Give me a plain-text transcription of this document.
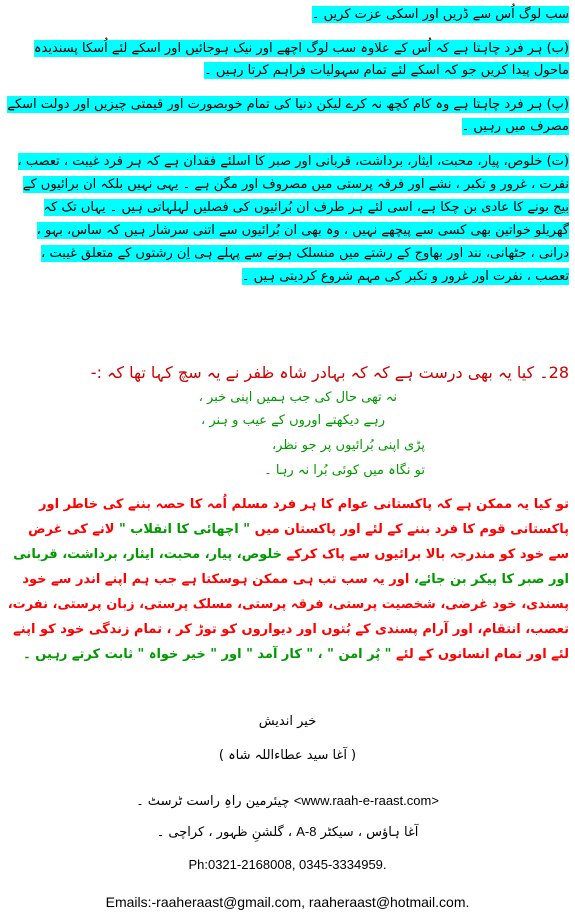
سب لوگ اُس سے ڈریں اور اسکی عزت کریں ۔

(ب) ہر فرد چاہتا ہے کہ اُس کے علاوہ سب لوگ اچھے اور نیک ہوجائیں اور اسکے لئے اُسکا پسندیدہ ماحول پیدا کریں جو کہ اسکے لئے تمام سہولیات فراہم کرتا رہیں ۔

(پ) ہر فرد چاہتا ہے وہ کام کچھ نہ کرے لیکن دنیا کی تمام خوبصورت اور قیمتی چیزیں اور دولت اسکے مصرف میں رہیں ۔

(ت) خلوص، پیار، محبت، ایثار، برداشت، قربانی اور صبر کا اسلئے فقدان ہے کہ ہر فرد غیبت ، تعصب ، نفرت ، غرور و تکبر ، نشے اور فرقہ پرستی میں مصروف اور مگن ہے ۔ یہی نہیں بلکہ ان برائیوں کے بیج بونے کا عادی بن چکا ہے، اسی لئے ہر طرف ان بُرائیوں کی فصلیں لہلہاتی ہیں ۔ یہاں تک کہ گھریلو خواتین بھی کسی سے پیچھے نہیں ، وہ بھی ان بُرائیوں سے اتنی سرشار ہیں کہ ساس، بہو ، درانی ، جٹھانی، نند اور بھاوج کے رشتے میں منسلک ہونے سے پہلے ہی اِن رشتوں کے متعلق غیبت ، تعصب ، نفرت اور غرور و تکبر کی مہم شروع کردیتی ہیں ۔

28۔ کیا یہ بھی درست ہے کہ کہ بہادر شاہ ظفر نے یہ سچ کہا تھا کہ :-

نہ تھی حال کی جب ہمیں اپنی خبر ،
رہے دیکھتے اوروں کے عیب و ہنر ،
پڑی اپنی بُرائیوں پر جو نظر،
تو نگاہ میں کوئی بُرا نہ رہا ۔

تو کیا یہ ممکن ہے کہ پاکستانی عوام کا ہر فرد مسلم اُمہ کا حصہ بننے کی خاطر اور پاکستانی قوم کا فرد بننے کے لئے اور پاکستان میں " اچھائی کا انقلاب " لانے کی غرض سے خود کو مندرجہ بالا برائیوں سے پاک کرکے خلوص، پیار، محبت، ایثار، برداشت، قربانی اور صبر کا پیکر بن جائے، اور یہ سب تب ہی ممکن ہوسکتا ہے جب ہم اپنے اندر سے خود پسندی، خود غرضی، شخصیت پرستی، فرقہ پرستی، مسلک پرستی، زبان پرستی، نفرت، تعصب، انتقام، اور آرام پسندی کے بُتوں اور دیواروں کو توڑ کر ، تمام زندگی خود کو اپنے لئے اور تمام انسانوں کے لئے " پُر امن " ، " کار آمد " اور " خیر خواہ " ثابت کرتے رہیں ۔

خیر اندیش
( آغا سید عطاءاللہ شاہ )
چیئرمین راہِ راست ٹرسٹ ۔ <www.raah-e-raast.com>
آغا ہاؤس ، سیکٹر 8-A ، گلشنِ ظہور ، کراچی ۔
Ph:0321-2168008, 0345-3334959.
Emails:-raaheraast@gmail.com, raaheraast@hotmail.com.
